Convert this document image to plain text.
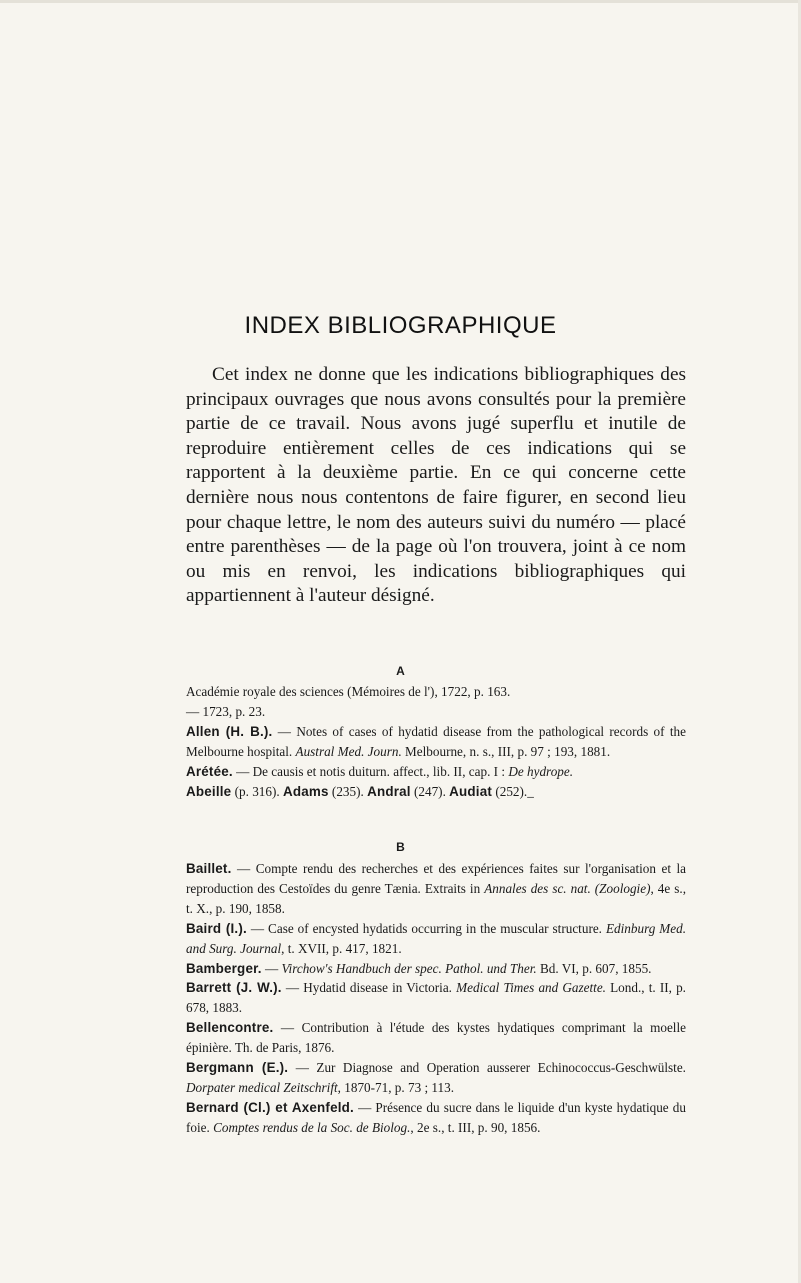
INDEX BIBLIOGRAPHIQUE

Cet index ne donne que les indications bibliographiques des principaux ouvrages que nous avons consultés pour la première partie de ce travail. Nous avons jugé superflu et inutile de reproduire entièrement celles de ces indications qui se rapportent à la deuxième partie. En ce qui concerne cette dernière nous nous contentons de faire figurer, en second lieu pour chaque lettre, le nom des auteurs suivi du numéro — placé entre parenthèses — de la page où l'on trouvera, joint à ce nom ou mis en renvoi, les indications bibliographiques qui appartiennent à l'auteur désigné.

A
Académie royale des sciences (Mémoires de l'), 1722, p. 163.
— 1723, p. 23.
Allen (H. B.). — Notes of cases of hydatid disease from the pathological records of the Melbourne hospital. Austral Med. Journ. Melbourne, n. s., III, p. 97 ; 193, 1881.
Arétée. — De causis et notis duiturn. affect., lib. II, cap. I : De hydrope.
Abeille (p. 316). Adams (235). Andral (247). Audiat (252)._
B
Baillet. — Compte rendu des recherches et des expériences faites sur l'organisation et la reproduction des Cestoïdes du genre Tænia. Extraits in Annales des sc. nat. (Zoologie), 4e s., t. X., p. 190, 1858.
Baird (I.). — Case of encysted hydatids occurring in the muscular structure. Edinburg Med. and Surg. Journal, t. XVII, p. 417, 1821.
Bamberger. — Virchow's Handbuch der spec. Pathol. und Ther. Bd. VI, p. 607, 1855.
Barrett (J. W.). — Hydatid disease in Victoria. Medical Times and Gazette. Lond., t. II, p. 678, 1883.
Bellencontre. — Contribution à l'étude des kystes hydatiques comprimant la moelle épinière. Th. de Paris, 1876.
Bergmann (E.). — Zur Diagnose and Operation ausserer Echinococcus-Geschwülste. Dorpater medical Zeitschrift, 1870-71, p. 73 ; 113.
Bernard (Cl.) et Axenfeld. — Présence du sucre dans le liquide d'un kyste hydatique du foie. Comptes rendus de la Soc. de Biolog., 2e s., t. III, p. 90, 1856.
